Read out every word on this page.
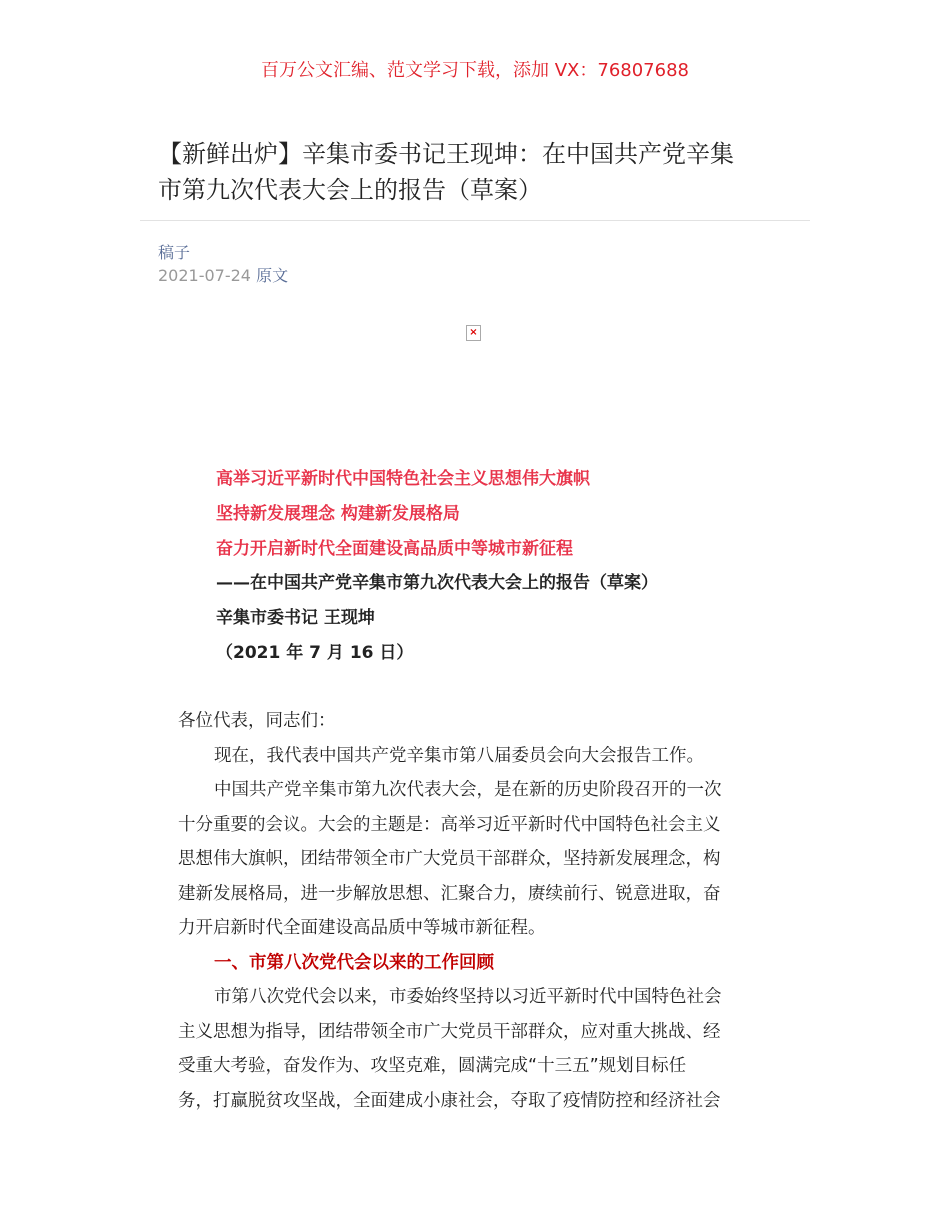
百万公文汇编、范文学习下载，添加 VX：76807688
【新鲜出炉】辛集市委书记王现坤：在中国共产党辛集
市第九次代表大会上的报告（草案）
稿子
2021-07-24 原文
×
高举习近平新时代中国特色社会主义思想伟大旗帜
坚持新发展理念 构建新发展格局
奋力开启新时代全面建设高品质中等城市新征程
——在中国共产党辛集市第九次代表大会上的报告（草案）
辛集市委书记 王现坤
（2021 年 7 月 16 日）
各位代表，同志们：
现在，我代表中国共产党辛集市第八届委员会向大会报告工作。
中国共产党辛集市第九次代表大会，是在新的历史阶段召开的一次
十分重要的会议。大会的主题是：高举习近平新时代中国特色社会主义
思想伟大旗帜，团结带领全市广大党员干部群众，坚持新发展理念，构
建新发展格局，进一步解放思想、汇聚合力，赓续前行、锐意进取，奋
力开启新时代全面建设高品质中等城市新征程。
一、市第八次党代会以来的工作回顾
市第八次党代会以来，市委始终坚持以习近平新时代中国特色社会
主义思想为指导，团结带领全市广大党员干部群众，应对重大挑战、经
受重大考验，奋发作为、攻坚克难，圆满完成“十三五”规划目标任
务，打赢脱贫攻坚战，全面建成小康社会，夺取了疫情防控和经济社会
